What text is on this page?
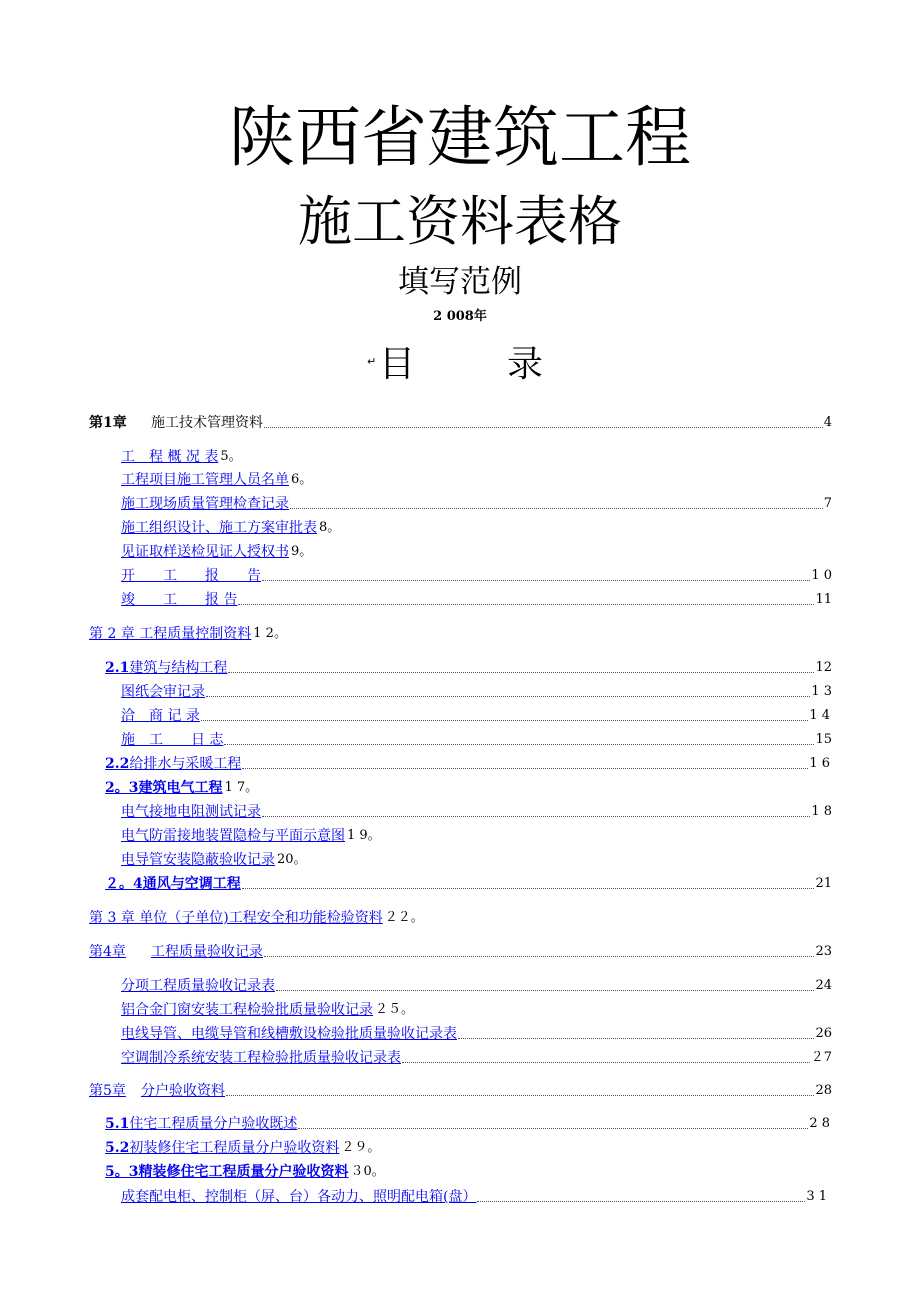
陕西省建筑工程
施工资料表格
填写范例
2 008年
↵ 目	录
第1章	施工技术管理资料	4
工　程 概 况 表 5。
工程项目施工管理人员名单 6。
施工现场质量管理检查记录	7
施工组织设计、施工方案审批表 8。
见证取样送检见证人授权书 9。
开　　工　　报　　告	1 0
竣　　工　　报 告	11
第 2 章 工程质量控制资料 1 2。
2.1 建筑与结构工程	12
图纸会审记录	1 3
洽　商 记 录	1 4
施　工　　日 志	15
2.2 给排水与采暖工程	1 6
2。3 建筑电气工程 1 7。
电气接地电阻测试记录	1 8
电气防雷接地装置隐检与平面示意图 1 9。
电导管安装隐蔽验收记录 20。
２。4 通风与空调工程	21
第 3 章 单位（子单位)工程安全和功能检验资料 ２２。
第4章	工程质量验收记录	23
分项工程质量验收记录表	24
铝合金门窗安装工程检验批质量验收记录 ２５。
电线导管、电缆导管和线槽敷设检验批质量验收记录表	26
空调制冷系统安装工程检验批质量验收记录表	２7
第5章	分户验收资料	28
5.1 住宅工程质量分户验收既述	2 8
5.2 初装修住宅工程质量分户验收资料 ２９。
5。3 精装修住宅工程质量分户验收资料 ３0。
成套配电柜、控制柜（屏、台）各动力、照明配电箱(盘）	3 1
